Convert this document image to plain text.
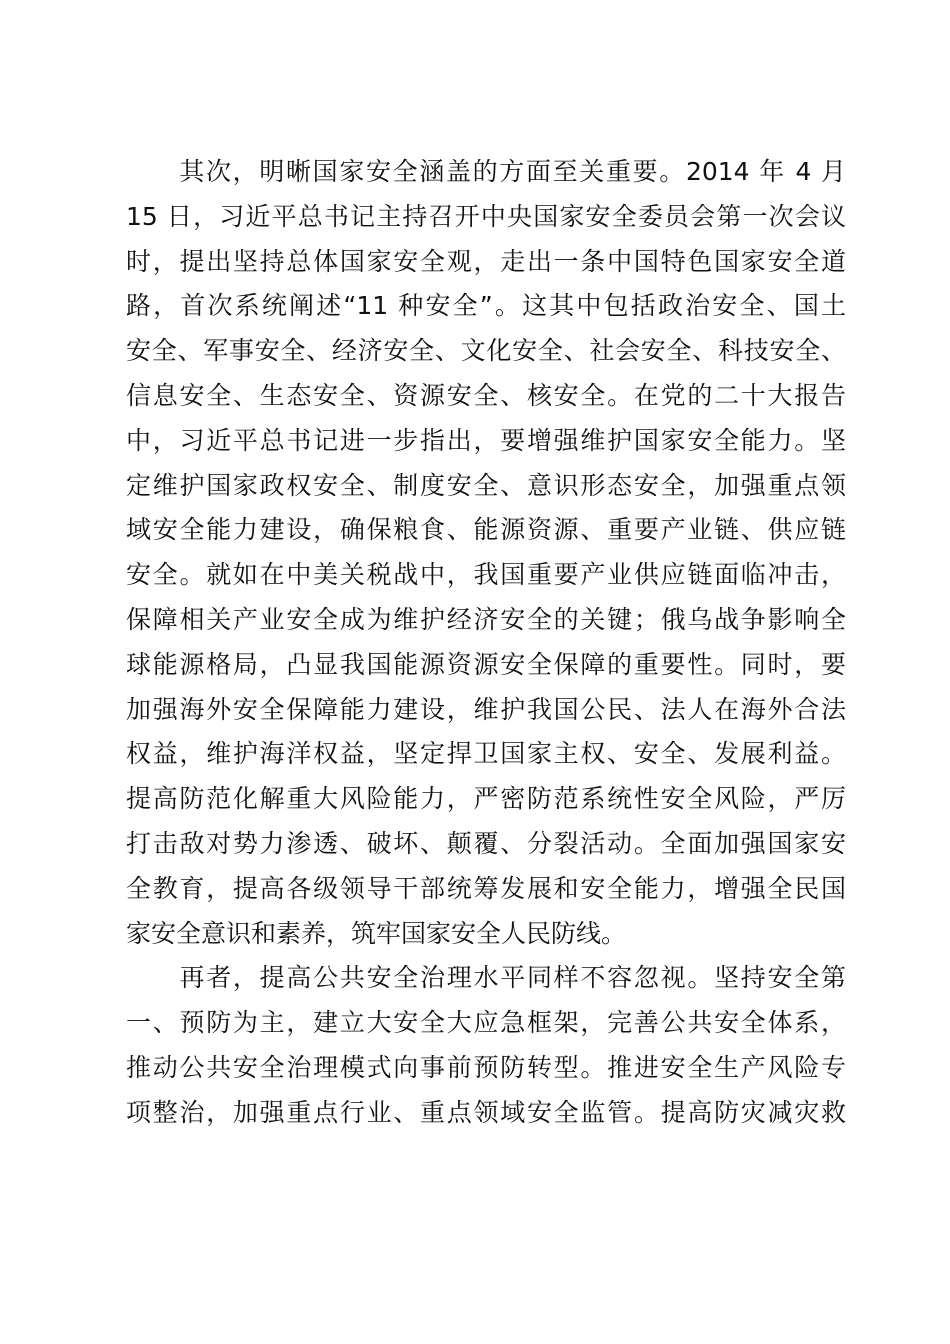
　　其次，明晰国家安全涵盖的方面至关重要。2014 年 4 月
15 日，习近平总书记主持召开中央国家安全委员会第一次会议
时，提出坚持总体国家安全观，走出一条中国特色国家安全道
路，首次系统阐述“11 种安全”。这其中包括政治安全、国土
安全、军事安全、经济安全、文化安全、社会安全、科技安全、
信息安全、生态安全、资源安全、核安全。在党的二十大报告
中，习近平总书记进一步指出，要增强维护国家安全能力。坚
定维护国家政权安全、制度安全、意识形态安全，加强重点领
域安全能力建设，确保粮食、能源资源、重要产业链、供应链
安全。就如在中美关税战中，我国重要产业供应链面临冲击，
保障相关产业安全成为维护经济安全的关键；俄乌战争影响全
球能源格局，凸显我国能源资源安全保障的重要性。同时，要
加强海外安全保障能力建设，维护我国公民、法人在海外合法
权益，维护海洋权益，坚定捍卫国家主权、安全、发展利益。
提高防范化解重大风险能力，严密防范系统性安全风险，严厉
打击敌对势力渗透、破坏、颠覆、分裂活动。全面加强国家安
全教育，提高各级领导干部统筹发展和安全能力，增强全民国
家安全意识和素养，筑牢国家安全人民防线。
　　再者，提高公共安全治理水平同样不容忽视。坚持安全第
一、预防为主，建立大安全大应急框架，完善公共安全体系，
推动公共安全治理模式向事前预防转型。推进安全生产风险专
项整治，加强重点行业、重点领域安全监管。提高防灾减灾救
